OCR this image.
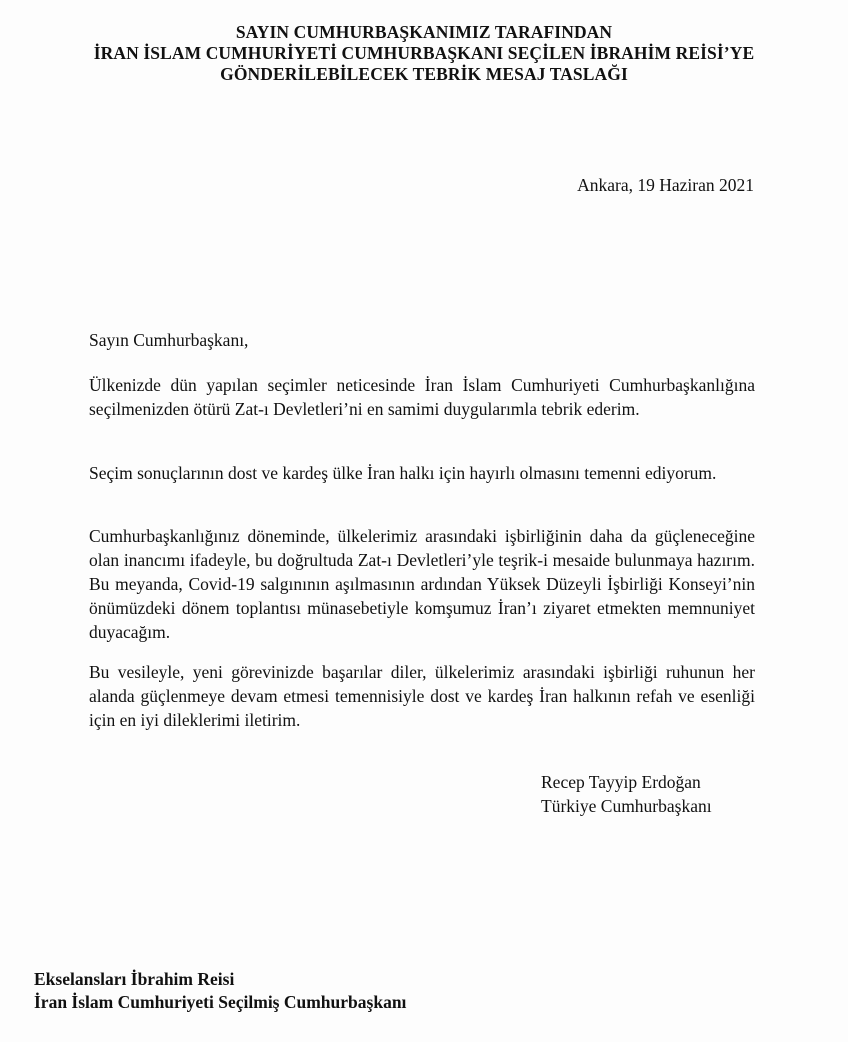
SAYIN CUMHURBAŞKANIMIZ TARAFINDAN
İRAN İSLAM CUMHURİYETİ CUMHURBAŞKANI SEÇİLEN İBRAHİM REİSİ’YE
GÖNDERİLEBİLECEK TEBRİK MESAJ TASLAĞI
Ankara, 19 Haziran 2021
Sayın Cumhurbaşkanı,
Ülkenizde dün yapılan seçimler neticesinde İran İslam Cumhuriyeti Cumhurbaşkanlığına seçilmenizden ötürü Zat-ı Devletleri’ni en samimi duygularımla tebrik ederim.
Seçim sonuçlarının dost ve kardeş ülke İran halkı için hayırlı olmasını temenni ediyorum.
Cumhurbaşkanlığınız döneminde, ülkelerimiz arasındaki işbirliğinin daha da güçleneceğine olan inancımı ifadeyle, bu doğrultuda Zat-ı Devletleri’yle teşrik-i mesaide bulunmaya hazırım. Bu meyanda, Covid-19 salgınının aşılmasının ardından Yüksek Düzeyli İşbirliği Konseyi’nin önümüzdeki dönem toplantısı münasebetiyle komşumuz İran’ı ziyaret etmekten memnuniyet duyacağım.
Bu vesileyle, yeni görevinizde başarılar diler, ülkelerimiz arasındaki işbirliği ruhunun her alanda güçlenmeye devam etmesi temennisiyle dost ve kardeş İran halkının refah ve esenliği için en iyi dileklerimi iletirim.
Recep Tayyip Erdoğan
Türkiye Cumhurbaşkanı
Ekselansları İbrahim Reisi
İran İslam Cumhuriyeti Seçilmiş Cumhurbaşkanı
